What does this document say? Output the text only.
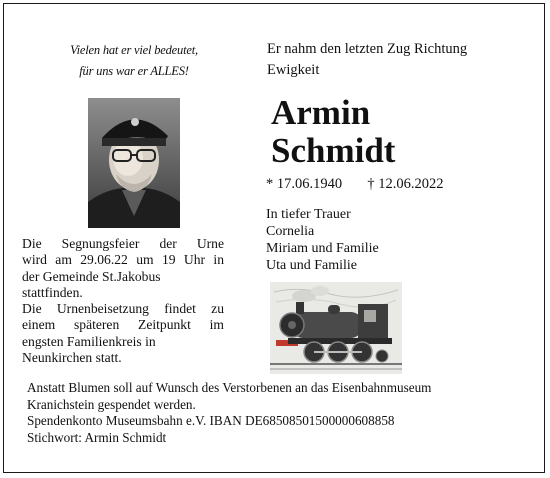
Vielen hat er viel bedeutet,
für uns war er ALLES!
Er nahm den letzten Zug Richtung
Ewigkeit
Armin
Schmidt
* 17.06.1940 † 12.06.2022
In tiefer Trauer
Cornelia
Miriam und Familie
Uta und Familie
Die Segnungsfeier der Urne
wird am 29.06.22 um 19 Uhr in
der Gemeinde St.Jakobus
stattfinden.
Die Urnenbeisetzung findet zu
einem späteren Zeitpunkt im
engsten Familienkreis in
Neunkirchen statt.
Anstatt Blumen soll auf Wunsch des Verstorbenen an das Eisenbahnmuseum
Kranichstein gespendet werden.
Spendenkonto Museumsbahn e.V. IBAN DE68508501500000608858
Stichwort: Armin Schmidt
